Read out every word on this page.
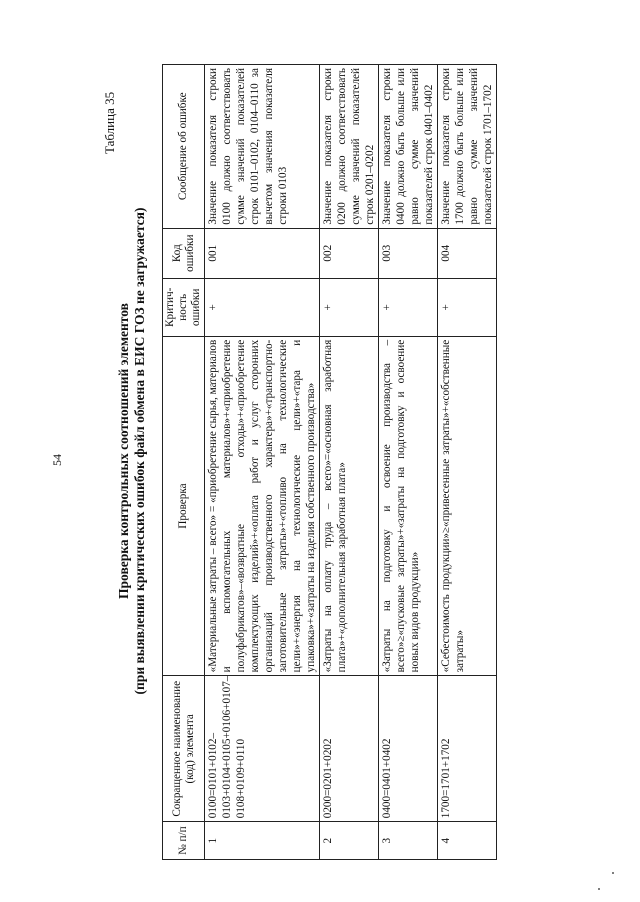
54
Таблица 35
Проверка контрольных соотношений элементов (при выявлении критических ошибок файл обмена в ЕИС ГОЗ не загружается)
№ п/п	Сокращенное наименование (код) элемента	Проверка	Критичность ошибки	Код ошибки	Сообщение об ошибке
1	0100=0101+0102–0103+0104+0105+0106+0107–0108+0109+0110	«Материальные затраты – всего» = «приобретение сырья, материалов и вспомогательных материалов»+«приобретение полуфабрикатов»–«возвратные отходы»+«приобретение комплектующих изделий»+«оплата работ и услуг сторонних организаций производственного характера»+«транспортно-заготовительные затраты»+«топливо на технологические цели»+«энергия на технологические цели»+«тара и упаковка»+«затраты на изделия собственного производства»	+	001	Значение показателя строки 0100 должно соответствовать сумме значений показателей строк 0101–0102, 0104–0110 за вычетом значения показателя строки 0103
2	0200=0201+0202	«Затраты на оплату труда – всего»=«основная заработная плата»+«дополнительная заработная плата»	+	002	Значение показателя строки 0200 должно соответствовать сумме значений показателей строк 0201–0202
3	0400=0401+0402	«Затраты на подготовку и освоение производства – всего»≥«пусковые затраты»+«затраты на подготовку и освоение новых видов продукции»	+	003	Значение показателя строки 0400 должно быть больше или равно сумме значений показателей строк 0401–0402
4	1700=1701+1702	«Себестоимость продукции»≥«привесенные затраты»+«собственные затраты»	+	004	Значение показателя строки 1700 должно быть больше или равно сумме значений показателей строк 1701–1702
